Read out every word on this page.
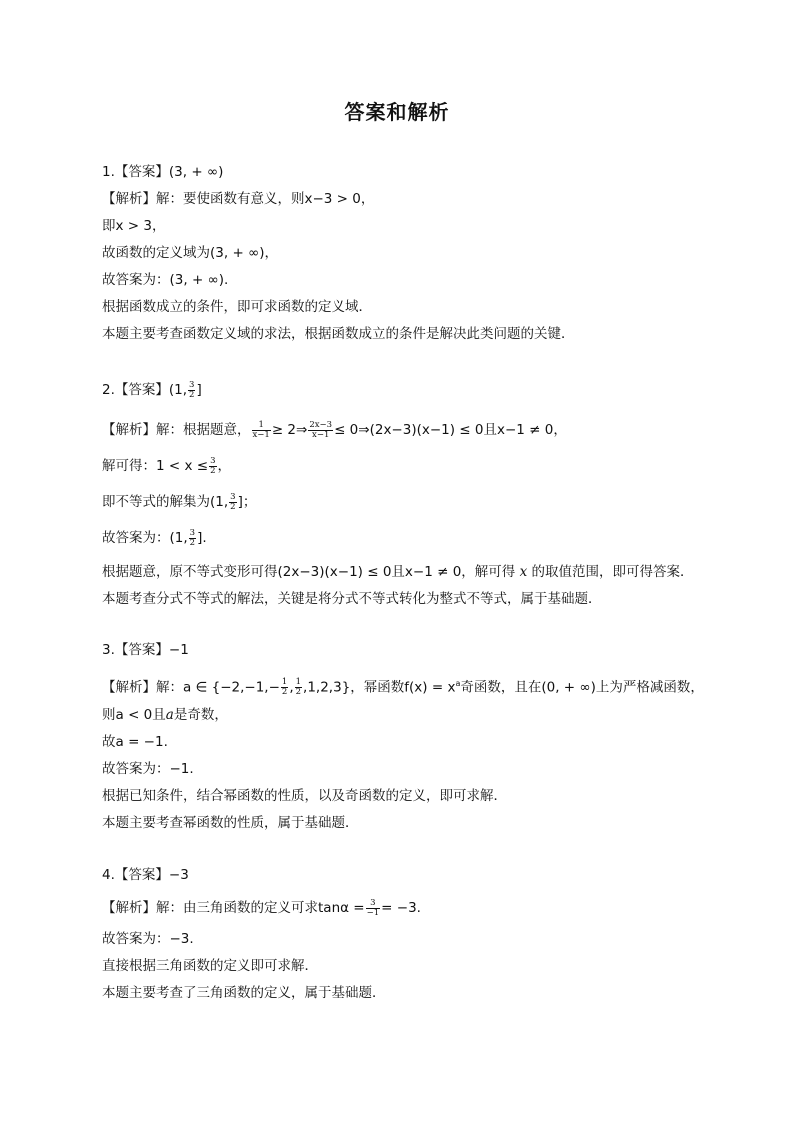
答案和解析
1.【答案】(3, + ∞)
【解析】解：要使函数有意义，则x−3 > 0，
即x > 3，
故函数的定义域为(3, + ∞)，
故答案为：(3, + ∞).
根据函数成立的条件，即可求函数的定义域．
本题主要考查函数定义域的求法，根据函数成立的条件是解决此类问题的关键．
2.【答案】(1, $\frac{3}{2}$ ]
【解析】解：根据题意， $\frac{1}{x-1}$ ≥ 2⇒ $\frac{2x-3}{x-1}$ ≤ 0⇒(2x−3)(x−1) ≤ 0且x−1 ≠ 0，
解可得：$1 < x \le \frac{3}{2}$ ，
即不等式的解集为(1, $\frac{3}{2}$ ]；
故答案为：(1, $\frac{3}{2}$ ].
根据题意，原不等式变形可得(2x−3)(x−1) ≤ 0且x−1 ≠ 0，解可得 x 的取值范围，即可得答案．
本题考查分式不等式的解法，关键是将分式不等式转化为整式不等式，属于基础题．
3.【答案】−1
【解析】解：a ∈ {$-2,-1,- \frac{1}{2}$ , $\frac{1}{2} ,1,2,3$}，幂函数$f(x) = x^a$奇函数，且在(0, + ∞)上为严格减函数，
则a < 0且a是奇数，
故a = −1.
故答案为：−1.
根据已知条件，结合幂函数的性质，以及奇函数的定义，即可求解．
本题主要考查幂函数的性质，属于基础题．
4.【答案】−3
【解析】解：由三角函数的定义可求$\tan\alpha = \frac{3}{-1} = -3$.
故答案为：−3.
直接根据三角函数的定义即可求解．
本题主要考查了三角函数的定义，属于基础题．
